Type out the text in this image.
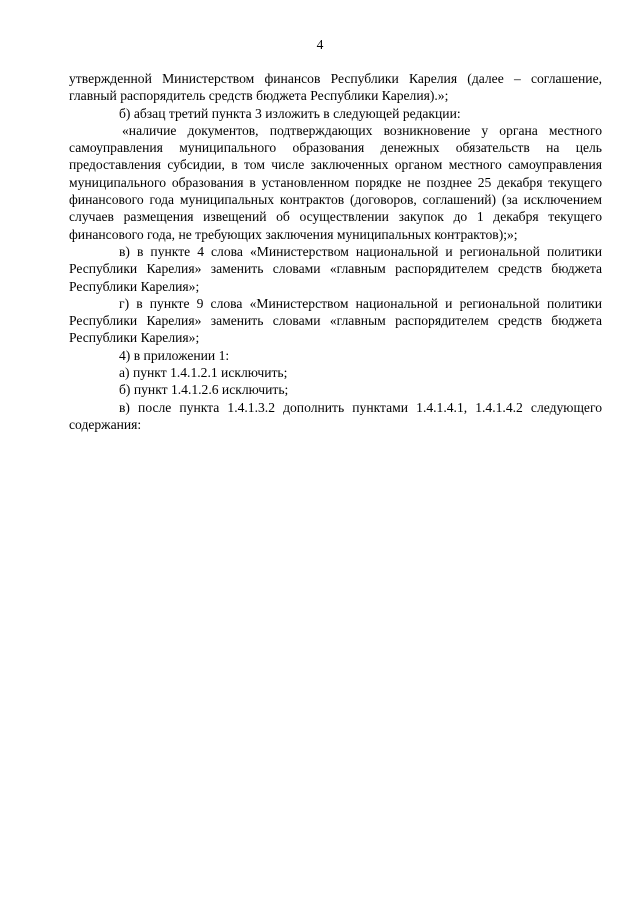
4

утвержденной Министерством финансов Республики Карелия (далее – соглашение, главный распорядитель средств бюджета Республики Карелия).»;

б) абзац третий пункта 3 изложить в следующей редакции:

«наличие документов, подтверждающих возникновение у органа местного самоуправления муниципального образования денежных обязательств на цель предоставления субсидии, в том числе заключенных органом местного самоуправления муниципального образования в установленном порядке не позднее 25 декабря текущего финансового года муниципальных контрактов (договоров, соглашений) (за исключением случаев размещения извещений об осуществлении закупок до 1 декабря текущего финансового года, не требующих заключения муниципальных контрактов);»;

в) в пункте 4 слова «Министерством национальной и региональной политики Республики Карелия» заменить словами «главным распорядителем средств бюджета Республики Карелия»;

г) в пункте 9 слова «Министерством национальной и региональной политики Республики Карелия» заменить словами «главным распорядителем средств бюджета Республики Карелия»;

4) в приложении 1:

а) пункт 1.4.1.2.1 исключить;

б) пункт 1.4.1.2.6 исключить;

в) после пункта 1.4.1.3.2 дополнить пунктами 1.4.1.4.1, 1.4.1.4.2 следующего содержания:
